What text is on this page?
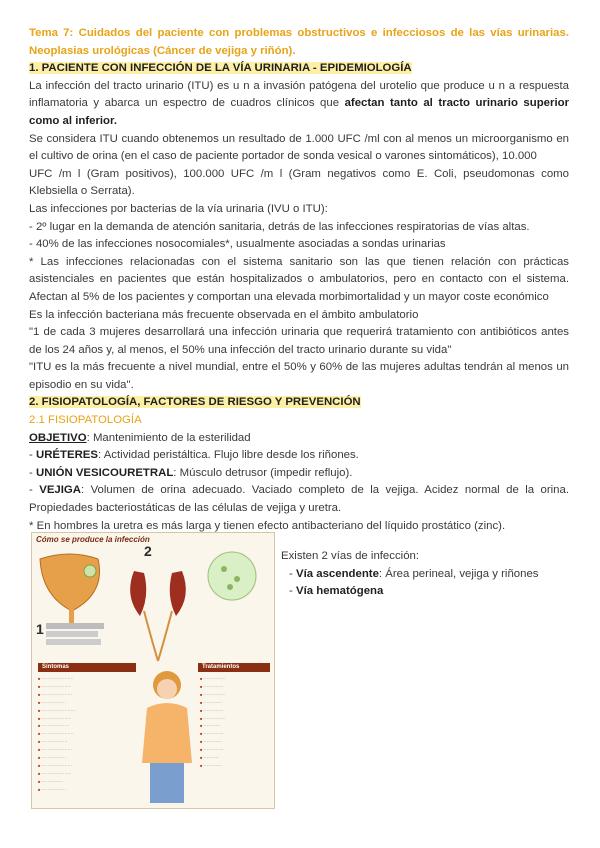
Tema 7: Cuidados del paciente con problemas obstructivos e infecciosos de las vías urinarias. Neoplasias urológicas (Cáncer de vejiga y riñón).

1. PACIENTE CON INFECCIÓN DE LA VÍA URINARIA - EPIDEMIOLOGÍA

La infección del tracto urinario (ITU) es u n a invasión patógena del urotelio que produce u n a respuesta inflamatoria y abarca un espectro de cuadros clínicos que afectan tanto al tracto urinario superior como al inferior.

Se considera ITU cuando obtenemos un resultado de 1.000 UFC /ml con al menos un microorganismo en el cultivo de orina (en el caso de paciente portador de sonda vesical o varones sintomáticos), 10.000
UFC /m l (Gram positivos), 100.000 UFC /m l (Gram negativos como E. Coli, pseudomonas como Klebsiella o Serrata).

Las infecciones por bacterias de la vía urinaria (IVU o ITU):

- 2º lugar en la demanda de atención sanitaria, detrás de las infecciones respiratorias de vías altas.

- 40% de las infecciones nosocomiales*, usualmente asociadas a sondas urinarias

* Las infecciones relacionadas con el sistema sanitario son las que tienen relación con prácticas asistenciales en pacientes que están hospitalizados o ambulatorios, pero en contacto con el sistema. Afectan al 5% de los pacientes y comportan una elevada morbimortalidad y un mayor coste económico

Es la infección bacteriana más frecuente observada en el ámbito ambulatorio

"1 de cada 3 mujeres desarrollará una infección urinaria que requerirá tratamiento con antibióticos antes de los 24 años y, al menos, el 50% una infección del tracto urinario durante su vida"

"ITU es la más frecuente a nivel mundial, entre el 50% y 60% de las mujeres adultas tendrán al menos un episodio en su vida".

2. FISIOPATOLOGÍA, FACTORES DE RIESGO Y PREVENCIÓN

2.1 FISIOPATOLOGÍA

OBJETIVO: Mantenimiento de la esterilidad

- URÉTERES: Actividad peristáltica. Flujo libre desde los riñones.

- UNIÓN VESICOURETRAL: Músculo detrusor (impedir reflujo).

- VEJIGA: Volumen de orina adecuado. Vaciado completo de la vejiga. Acidez normal de la orina. Propiedades bacteriostáticas de las células de vejiga y uretra.

* En hombres la uretra es más larga y tienen efecto antibacteriano del líquido prostático (zinc).

Cómo se produce la infección
1
2
Síntomas	Tratamientos
■ ·····················
■ ···················
■ ····················
■ ················
■ ······················
■ ···················
■ ··················
■ ·····················
■ ·················
■ ····················
■ ················
■ ····················
■ ···················
■ ··············
■ ················
■ ··············
■ ·············
■ ··············
■ ············
■ ·············
■ ··············
■ ···········
■ ·············
■ ············
■ ·············
■ ··········
■ ············

Existen 2 vías de infección:

- Vía ascendente: Área perineal, vejiga y riñones
- Vía hematógena
